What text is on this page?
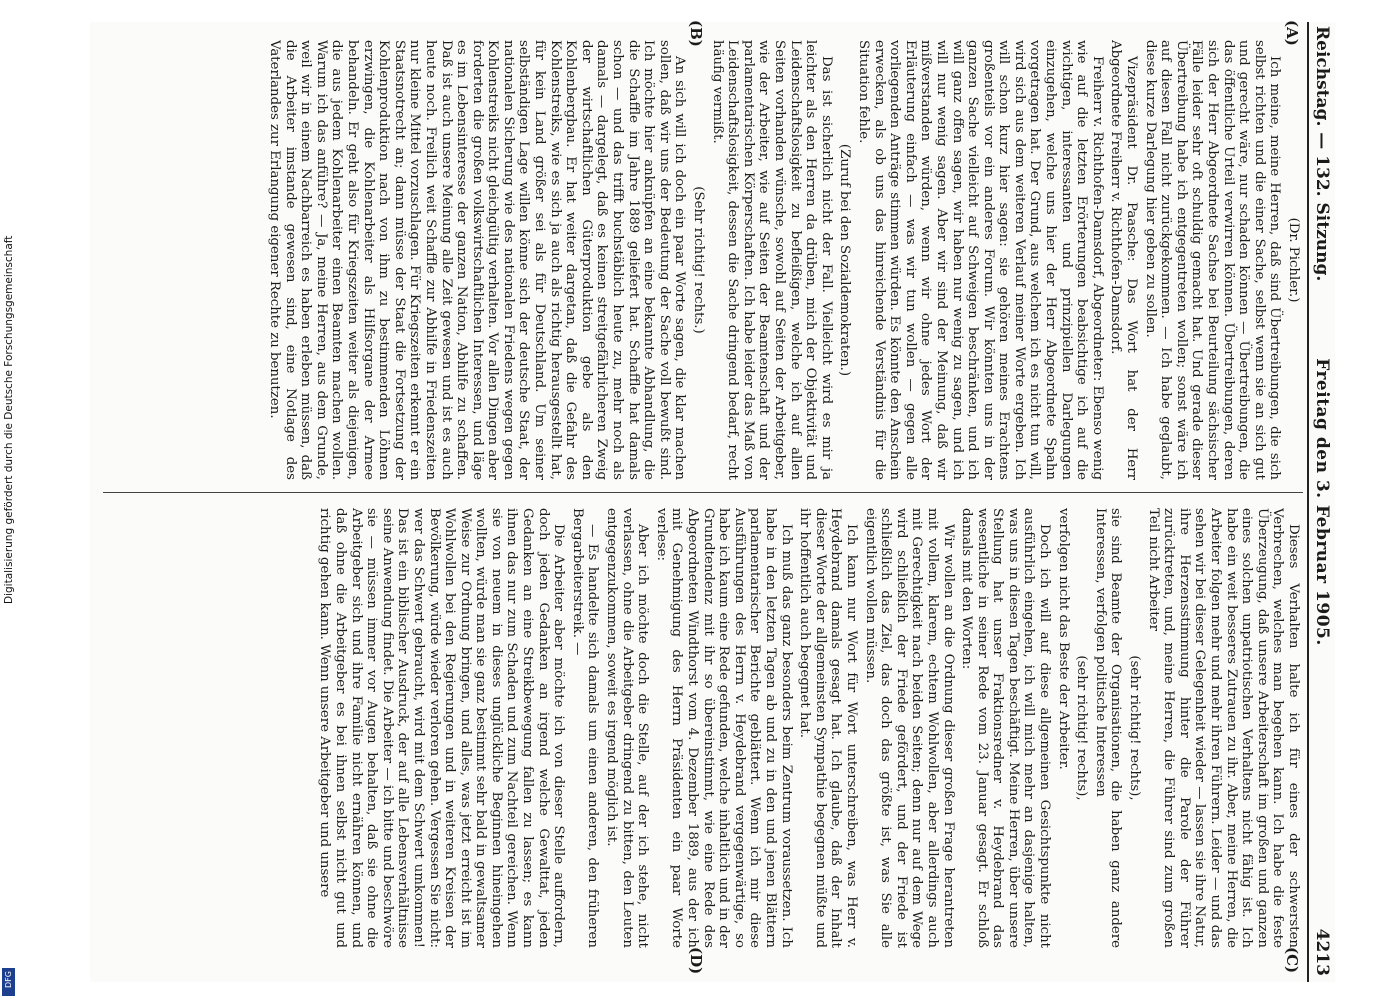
Reichstag. — 132. Sitzung.
Freitag den 3. Februar 1905.
4213
(A)
(B)
(C)
(D)

(Dr. Pichler.)

Ich meine, meine Herren, daß sind Übertreibungen, die sich selbst richten und die einer Sache, selbst wenn sie an sich gut und gerecht wäre, nur schaden können — Übertreibungen, die das öffentliche Urteil verwirren können. Übertreibungen, deren sich der Herr Abgeordnete Sachse bei Beurteilung sächsischer Fälle leider sehr oft schuldig gemacht hat. Und gerade dieser Übertreibung habe ich entgegentreten wollen; sonst wäre ich auf diesen Fall nicht zurückgekommen. — Ich habe geglaubt, diese kurze Darlegung hier geben zu sollen.

Vizepräsident Dr. Paasche: Das Wort hat der Herr Abgeordnete Freiherr v. Richthofen-Damsdorf.

Freiherr v. Richthofen-Damsdorf, Abgeordneter: Ebenso wenig wie auf die letzten Erörterungen beabsichtige ich auf die wichtigen, interessanten und prinzipiellen Darlegungen einzugehen, welche uns hier der Herr Abgeordnete Spahn vorgetragen hat. Der Grund, aus welchem ich es nicht tun will, wird sich aus dem weiteren Verlauf meiner Worte ergeben. Ich will schon kurz hier sagen: sie gehören meines Erachtens großenteils vor ein anderes Forum. Wir könnten uns in der ganzen Sache vielleicht auf Schweigen beschränken, und ich will ganz offen sagen, wir haben nur wenig zu sagen, und ich will nur wenig sagen. Aber wir sind der Meinung, daß wir mißverstanden würden, wenn wir ohne jedes Wort der Erläuterung einfach — was wir tun wollen — gegen alle vorliegenden Anträge stimmen würden. Es könnte den Anschein erwecken, als ob uns das hinreichende Verständnis für die Situation fehle.

(Zuruf bei den Sozialdemokraten.)

Das ist sicherlich nicht der Fall. Vielleicht wird es mir ja leichter als den Herren da drüben, mich der Objektivität und Leidenschaftslosigkeit zu befleißigen, welche ich auf allen Seiten vorhanden wünsche, sowohl auf Seiten der Arbeitgeber, wie der Arbeiter, wie auf Seiten der Beamtenschaft und der parlamentarischen Körperschaften. Ich habe leider das Maß von Leidenschaftslosigkeit, dessen die Sache dringend bedarf, recht häufig vermißt.

(Sehr richtig! rechts.)

An sich will ich doch ein paar Worte sagen, die klar machen sollen, daß wir uns der Bedeutung der Sache voll bewußt sind. Ich möchte hier anknüpfen an eine bekannte Abhandlung, die die Schaffle im Jahre 1889 geliefert hat. Schaffle hat damals schon — und das trifft buchstäblich heute zu, mehr noch als damals — dargelegt, daß es keinen streitgefährlicheren Zweig der wirtschaftlichen Güterproduktion gebe als den Kohlenbergbau. Er hat weiter dargetan, daß die Gefahr des Kohlenstreiks, wie es sich ja auch als richtig herausgestellt hat, für kein Land größer sei als für Deutschland. Um seiner selbständigen Lage willen könne sich der deutsche Staat, der nationalen Sicherung wie des nationalen Friedens wegen gegen Kohlenstreiks nicht gleichgültig verhalten. Vor allen Dingen aber forderten die großen volkswirtschaftlichen Interessen, und läge es im Lebensinteresse der ganzen Nation, Abhilfe zu schaffen. Daß ist auch unsere Meinung alle Zeit gewesen und ist es auch heute noch. Freilich weit Schaffle zur Abhilfe in Friedenszeiten nur kleine Mittel vorzuschlagen. Für Kriegszeiten erkennt er ein Staatsnotrecht an; dann müsse der Staat die Fortsetzung der Kohlenproduktion nach von ihm zu bestimmenden Löhnen erzwingen, die Kohlenarbeiter als Hilfsorgane der Armee behandeln. Er geht also für Kriegszeiten weiter als diejenigen, die aus jedem Kohlenarbeiter einen Beamten machen wollen. Warum ich das anführe? — Ja, meine Herren, aus dem Grunde, weil wir in einem Nachbarreich es haben erleben müssen, daß die Arbeiter imstande gewesen sind, eine Notlage des Vaterlandes zur Erlangung eigener Rechte zu benutzen.

Dieses Verhalten halte ich für eines der schwersten Verbrechen, welches man begehen kann. Ich habe die feste Überzeugung, daß unsere Arbeiterschaft im großen und ganzen eines solchen unpatriotischen Verhaltens nicht fähig ist. Ich habe ein weit besseres Zutrauen zu ihr. Aber, meine Herren, die Arbeiter folgen mehr und mehr ihren Führern. Leider — und das sehen wir bei dieser Gelegenheit wieder — lassen sie ihre Natur, ihre Herzensstimmung hinter die Parole der Führer zurücktreten, und, meine Herren, die Führer sind zum großen Teil nicht Arbeiter

(sehr richtig! rechts),

sie sind Beamte der Organisationen, die haben ganz andere Interessen, verfolgen politische Interessen

(sehr richtig! rechts),

verfolgen nicht das Beste der Arbeiter.

Doch ich will auf diese allgemeinen Gesichtspunkte nicht ausführlich eingehen, ich will mich mehr an dasjenige halten, was uns in diesen Tagen beschäftigt. Meine Herren, über unsere Stellung hat unser Fraktionsredner v. Heydebrand das wesentliche in seiner Rede vom 23. Januar gesagt. Er schloß damals mit den Worten:

Wir wollen an die Ordnung dieser großen Frage herantreten mit vollem, klarem, echtem Wohlwollen, aber allerdings auch mit Gerechtigkeit nach beiden Seiten; denn nur auf dem Wege wird schließlich der Friede gefördert, und der Friede ist schließlich das Ziel, das doch das größte ist, was Sie alle eigentlich wollen müssen.

Ich kann nur Wort für Wort unterschreiben, was Herr v. Heydebrand damals gesagt hat. Ich glaube, daß der Inhalt dieser Worte der allgemeinsten Sympathie begegnen müßte und ihr hoffentlich auch begegnet hat.

Ich muß das ganz besonders beim Zentrum voraussetzen. Ich habe in den letzten Tagen ab und zu in den und jenen Blättern parlamentarischer Berichte geblättert. Wenn ich mir diese Ausführungen des Herrn v. Heydebrand vergegenwärtige, so habe ich kaum eine Rede gefunden, welche inhaltlich und in der Grundtendenz mit ihr so übereinstimmt, wie eine Rede des Abgeordneten Windthorst vom 4. Dezember 1889, aus der ich mit Genehmigung des Herrn Präsidenten ein paar Worte verlese:

Aber ich möchte doch die Stelle, auf der ich stehe, nicht verlassen, ohne die Arbeitgeber dringend zu bitten, den Leuten entgegenzukommen, soweit es irgend möglich ist.

— Es handelte sich damals um einen anderen, den früheren Bergarbeiterstreik. —

Die Arbeiter aber möchte ich von dieser Stelle auffordern, doch jeden Gedanken an irgend welche Gewalttat, jeden Gedanken an eine Streikbewegung fallen zu lassen; es kann ihnen das nur zum Schaden und zum Nachteil gereichen. Wenn sie von neuem in dieses unglückliche Beginnen hineingehen wollten, würde man sie ganz bestimmt sehr bald in gewaltsamer Weise zur Ordnung bringen, und alles, was jetzt erreicht ist im Wohlwollen bei den Regierungen und in weiteren Kreisen der Bevölkerung, würde wieder verloren gehen. Vergessen Sie nicht: wer das Schwert gebraucht, wird mit dem Schwert umkommen! Das ist ein biblischer Ausdruck, der auf alle Lebensverhältnisse seine Anwendung findet. Die Arbeiter — ich bitte und beschwöre sie — müssen immer vor Augen behalten, daß sie ohne die Arbeitgeber sich und ihre Familie nicht ernähren können, und daß ohne die Arbeitgeber es bei ihnen selbst nicht gut und richtig gehen kann. Wenn unsere Arbeitgeber und unsere

Digitalisierung gefördert durch die Deutsche Forschungsgemeinschaft
DFG
